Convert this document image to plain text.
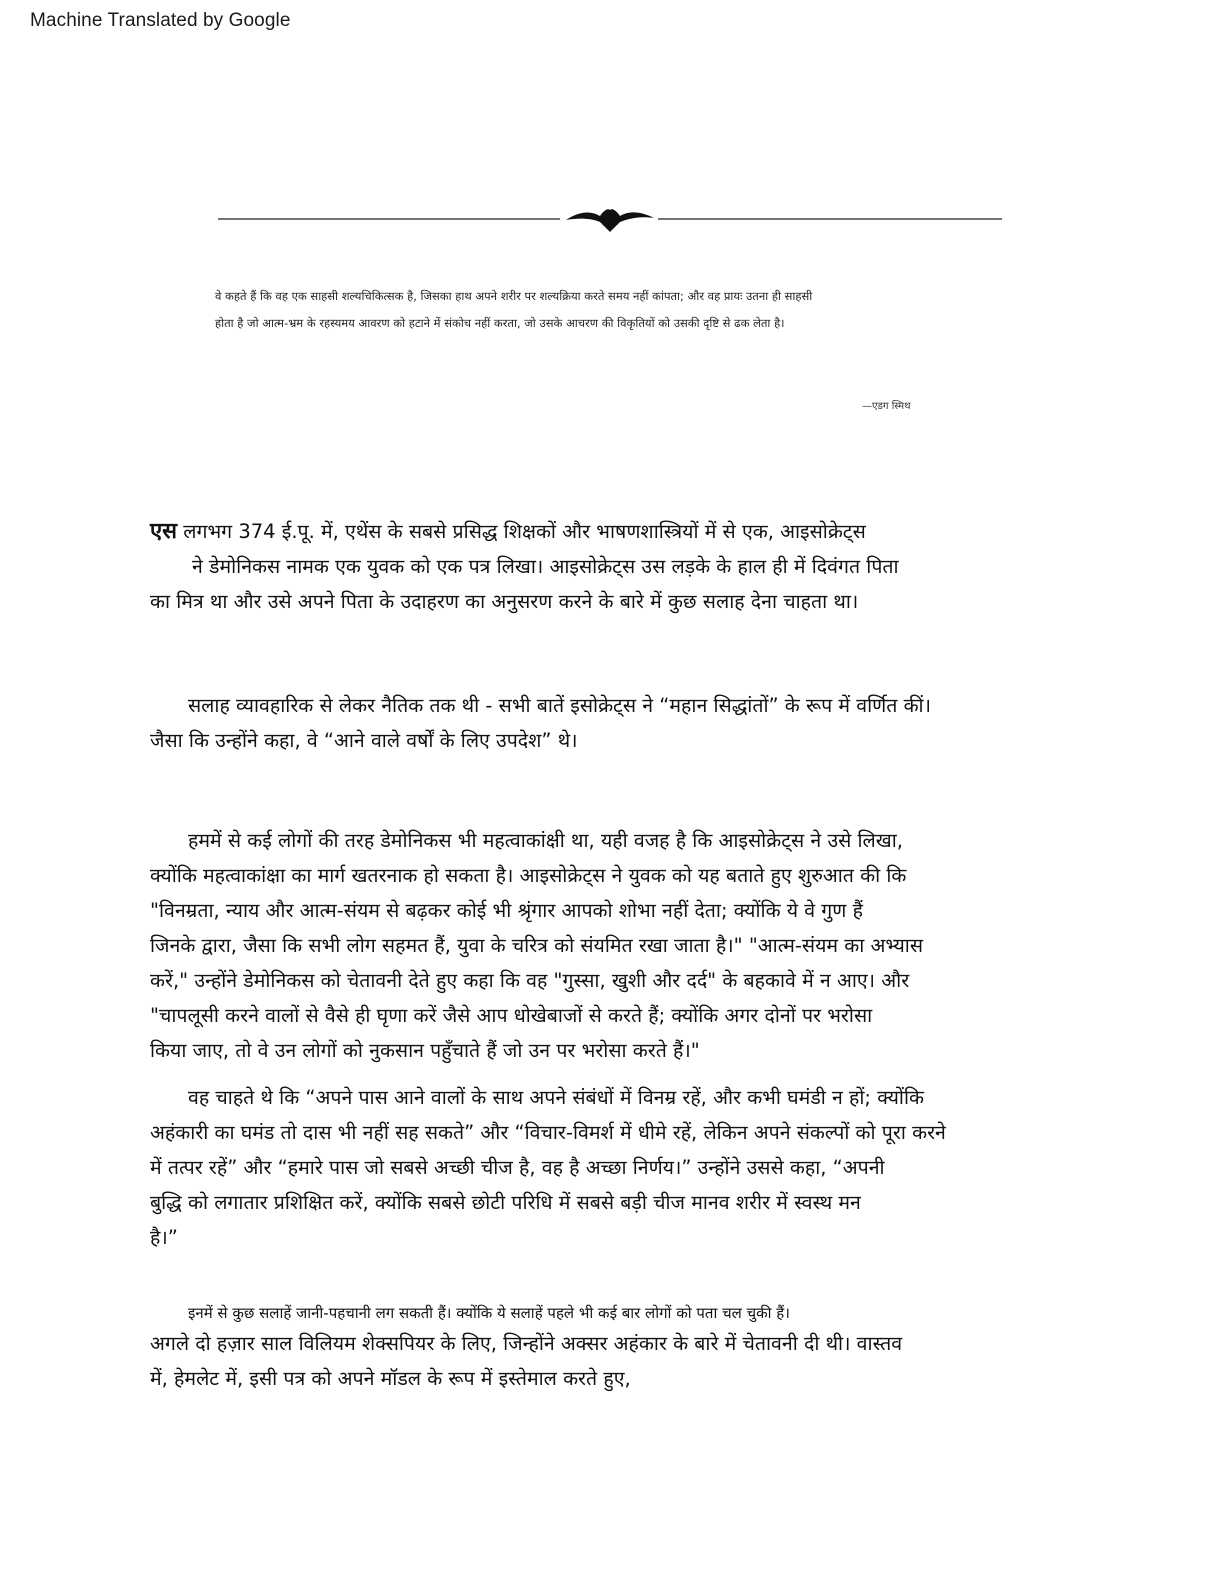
Machine Translated by Google

वे कहते हैं कि वह एक साहसी शल्यचिकित्सक है, जिसका हाथ अपने शरीर पर शल्यक्रिया करते समय नहीं कांपता; और वह प्रायः उतना ही साहसी

होता है जो आत्म-भ्रम के रहस्यमय आवरण को हटाने में संकोच नहीं करता, जो उसके आचरण की विकृतियों को उसकी दृष्टि से ढक लेता है।

—एडग स्मिथ

एस लगभग 374 ई.पू. में, एथेंस के सबसे प्रसिद्ध शिक्षकों और भाषणशास्त्रियों में से एक, आइसोक्रेट्स

ने डेमोनिकस नामक एक युवक को एक पत्र लिखा। आइसोक्रेट्स उस लड़के के हाल ही में दिवंगत पिता

का मित्र था और उसे अपने पिता के उदाहरण का अनुसरण करने के बारे में कुछ सलाह देना चाहता था।

सलाह व्यावहारिक से लेकर नैतिक तक थी - सभी बातें इसोक्रेट्स ने “महान सिद्धांतों” के रूप में वर्णित कीं।

जैसा कि उन्होंने कहा, वे “आने वाले वर्षों के लिए उपदेश” थे।

हममें से कई लोगों की तरह डेमोनिकस भी महत्वाकांक्षी था, यही वजह है कि आइसोक्रेट्स ने उसे लिखा,

क्योंकि महत्वाकांक्षा का मार्ग खतरनाक हो सकता है। आइसोक्रेट्स ने युवक को यह बताते हुए शुरुआत की कि

"विनम्रता, न्याय और आत्म-संयम से बढ़कर कोई भी श्रृंगार आपको शोभा नहीं देता; क्योंकि ये वे गुण हैं

जिनके द्वारा, जैसा कि सभी लोग सहमत हैं, युवा के चरित्र को संयमित रखा जाता है।" "आत्म-संयम का अभ्यास

करें," उन्होंने डेमोनिकस को चेतावनी देते हुए कहा कि वह "गुस्सा, खुशी और दर्द" के बहकावे में न आए। और

"चापलूसी करने वालों से वैसे ही घृणा करें जैसे आप धोखेबाजों से करते हैं; क्योंकि अगर दोनों पर भरोसा

किया जाए, तो वे उन लोगों को नुकसान पहुँचाते हैं जो उन पर भरोसा करते हैं।"

वह चाहते थे कि “अपने पास आने वालों के साथ अपने संबंधों में विनम्र रहें, और कभी घमंडी न हों; क्योंकि

अहंकारी का घमंड तो दास भी नहीं सह सकते” और “विचार-विमर्श में धीमे रहें, लेकिन अपने संकल्पों को पूरा करने

में तत्पर रहें” और “हमारे पास जो सबसे अच्छी चीज है, वह है अच्छा निर्णय।” उन्होंने उससे कहा, “अपनी

बुद्धि को लगातार प्रशिक्षित करें, क्योंकि सबसे छोटी परिधि में सबसे बड़ी चीज मानव शरीर में स्वस्थ मन

है।”

इनमें से कुछ सलाहें जानी-पहचानी लग सकती हैं। क्योंकि ये सलाहें पहले भी कई बार लोगों को पता चल चुकी हैं।

अगले दो हज़ार साल विलियम शेक्सपियर के लिए, जिन्होंने अक्सर अहंकार के बारे में चेतावनी दी थी। वास्तव

में, हेमलेट में, इसी पत्र को अपने मॉडल के रूप में इस्तेमाल करते हुए,
